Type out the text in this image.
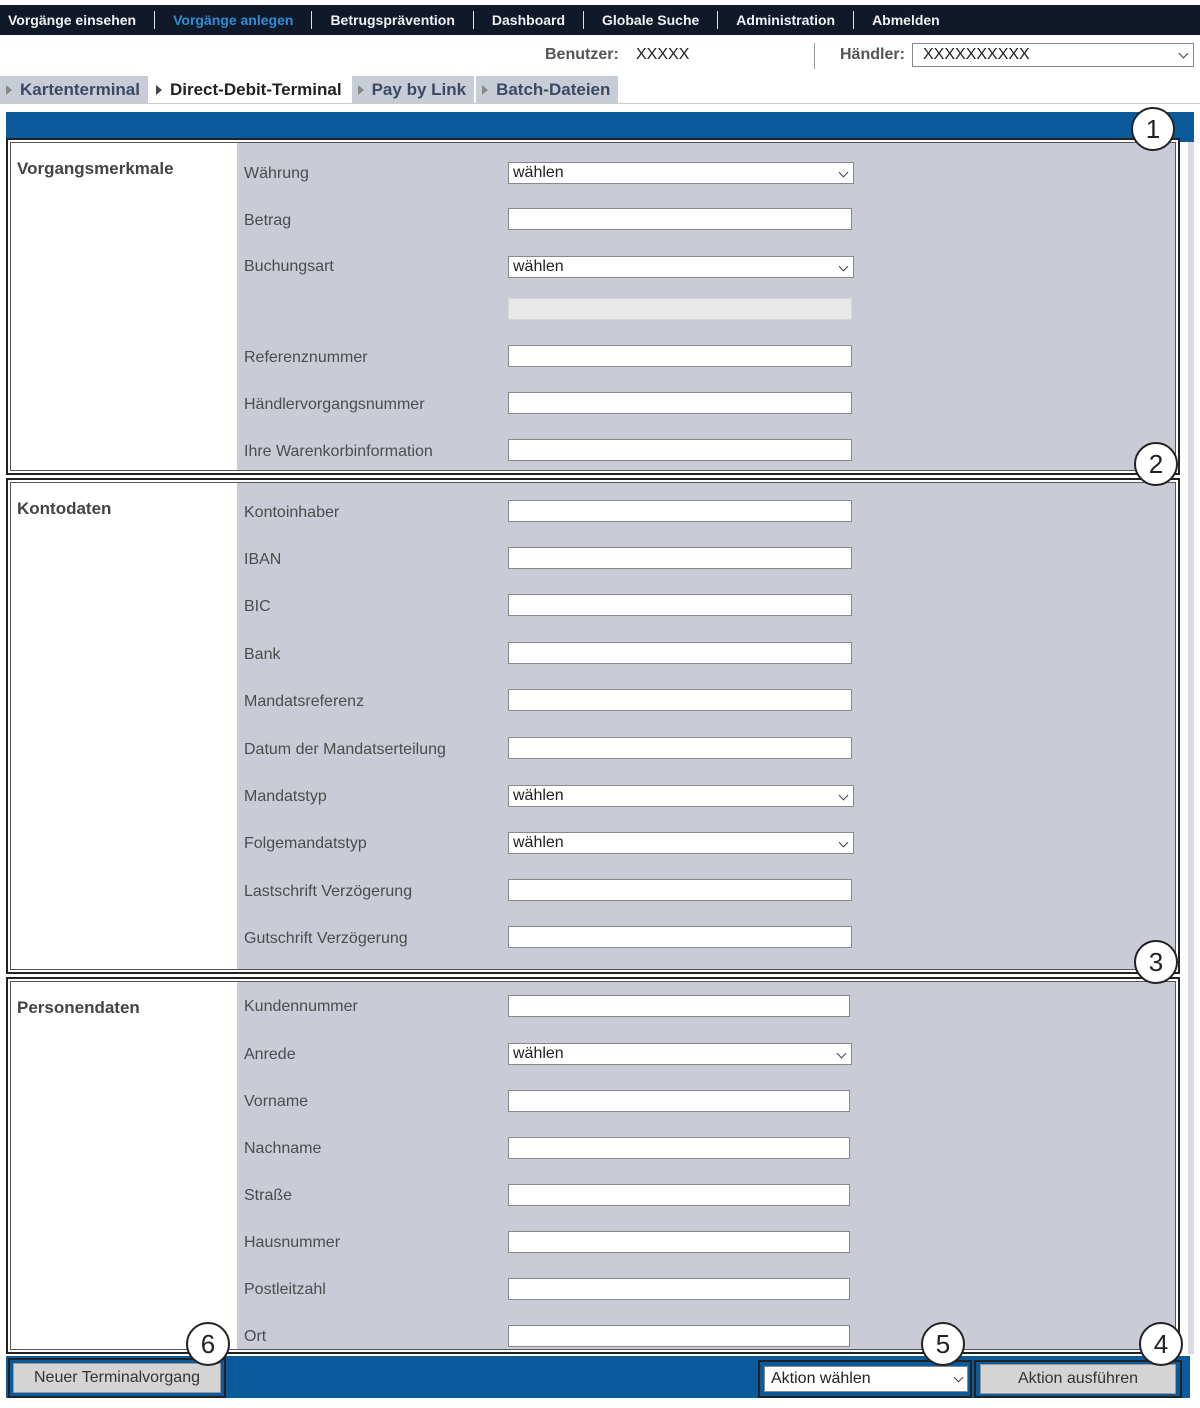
Vorgänge einsehen	Vorgänge anlegen	Betrugsprävention	Dashboard	Globale Suche	Administration	Abmelden
Benutzer: XXXXX	Händler:	XXXXXXXXXX
Kartenterminal	Direct-Debit-Terminal	Pay by Link	Batch-Dateien
Vorgangsmerkmale	Währung	wählen
Betrag
Buchungsart	wählen
Referenznummer
Händlervorgangsnummer
Ihre Warenkorbinformation
Kontodaten	Kontoinhaber
IBAN
BIC
Bank
Mandatsreferenz
Datum der Mandatserteilung
Mandatstyp	wählen
Folgemandatstyp	wählen
Lastschrift Verzögerung
Gutschrift Verzögerung
Personendaten	Kundennummer
Anrede	wählen
Vorname
Nachname
Straße
Hausnummer
Postleitzahl
Ort
Neuer Terminalvorgang	Aktion wählen	Aktion ausführen
1
2
3
4
5
6
